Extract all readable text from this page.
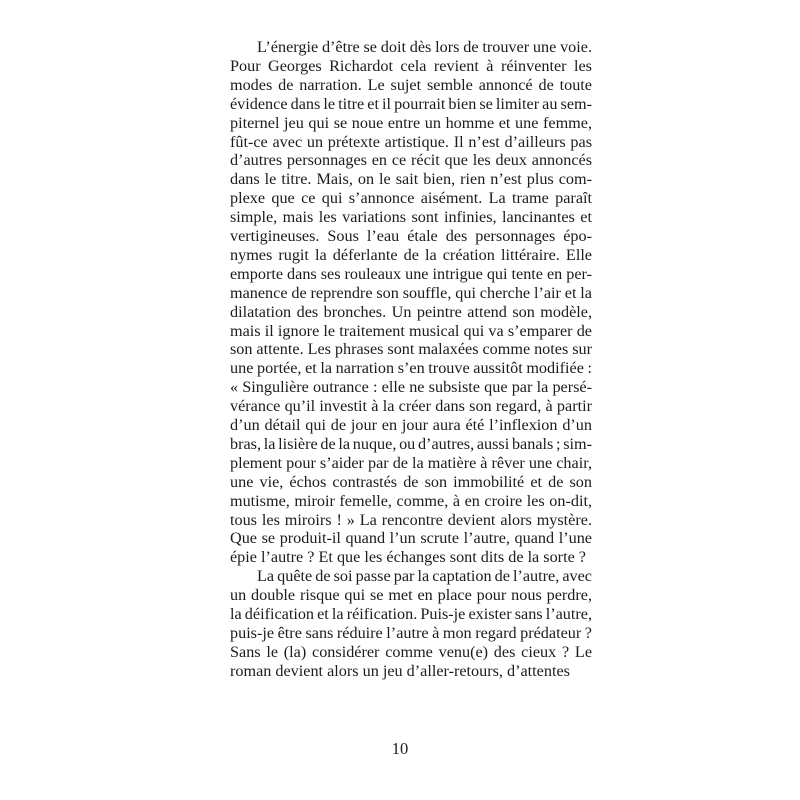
L’énergie d’être se doit dès lors de trouver une voie.
Pour Georges Richardot cela revient à réinventer les
modes de narration. Le sujet semble annoncé de toute
évidence dans le titre et il pourrait bien se limiter au sem-
piternel jeu qui se noue entre un homme et une femme,
fût-ce avec un prétexte artistique. Il n’est d’ailleurs pas
d’autres personnages en ce récit que les deux annoncés
dans le titre. Mais, on le sait bien, rien n’est plus com-
plexe que ce qui s’annonce aisément. La trame paraît
simple, mais les variations sont infinies, lancinantes et
vertigineuses. Sous l’eau étale des personnages épo-
nymes rugit la déferlante de la création littéraire. Elle
emporte dans ses rouleaux une intrigue qui tente en per-
manence de reprendre son souffle, qui cherche l’air et la
dilatation des bronches. Un peintre attend son modèle,
mais il ignore le traitement musical qui va s’emparer de
son attente. Les phrases sont malaxées comme notes sur
une portée, et la narration s’en trouve aussitôt modifiée :
« Singulière outrance : elle ne subsiste que par la persé-
vérance qu’il investit à la créer dans son regard, à partir
d’un détail qui de jour en jour aura été l’inflexion d’un
bras, la lisière de la nuque, ou d’autres, aussi banals ; sim-
plement pour s’aider par de la matière à rêver une chair,
une vie, échos contrastés de son immobilité et de son
mutisme, miroir femelle, comme, à en croire les on-dit,
tous les miroirs ! » La rencontre devient alors mystère.
Que se produit-il quand l’un scrute l’autre, quand l’une
épie l’autre ? Et que les échanges sont dits de la sorte ?
La quête de soi passe par la captation de l’autre, avec
un double risque qui se met en place pour nous perdre,
la déification et la réification. Puis-je exister sans l’autre,
puis-je être sans réduire l’autre à mon regard prédateur ?
Sans le (la) considérer comme venu(e) des cieux ? Le
roman devient alors un jeu d’aller-retours, d’attentes
10
